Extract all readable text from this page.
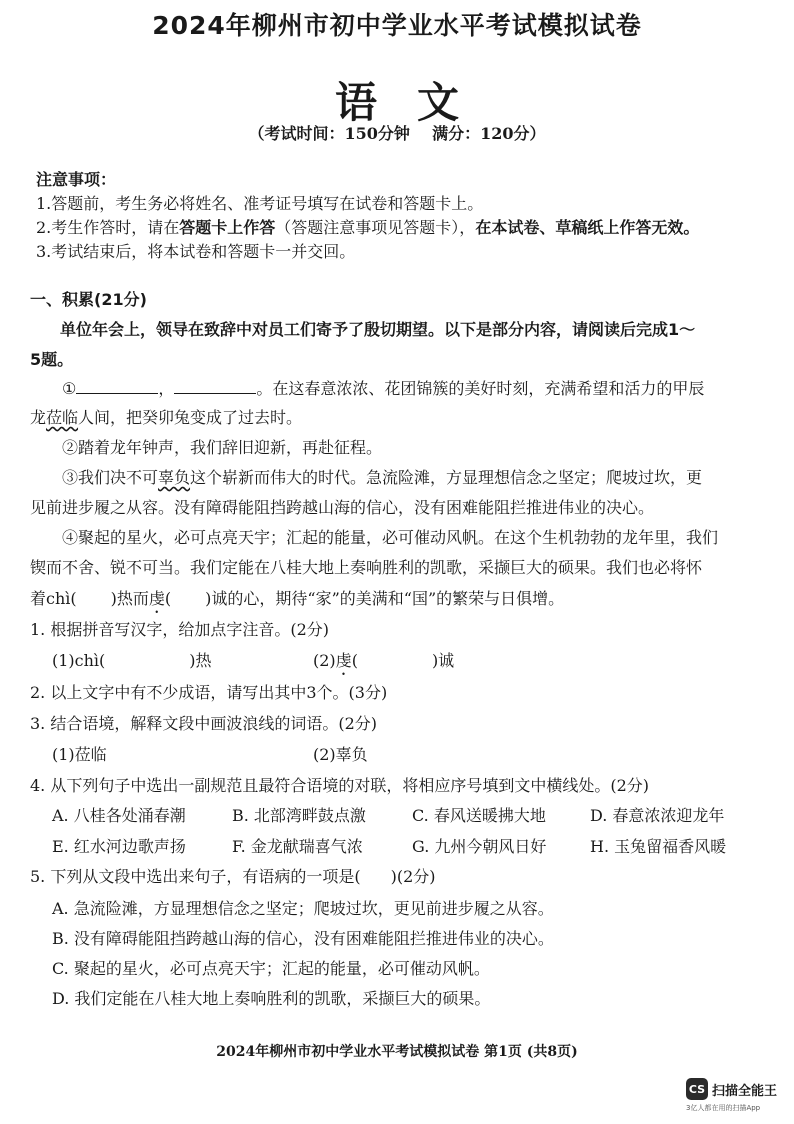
2024年柳州市初中学业水平考试模拟试卷
语文
（考试时间：150分钟    满分：120分）
注意事项：
1.答题前，考生务必将姓名、准考证号填写在试卷和答题卡上。
2.考生作答时，请在答题卡上作答（答题注意事项见答题卡），在本试卷、草稿纸上作答无效。
3.考试结束后，将本试卷和答题卡一并交回。
一、积累(21分)
单位年会上，领导在致辞中对员工们寄予了殷切期望。以下是部分内容，请阅读后完成1～
5题。
①	，	。在这春意浓浓、花团锦簇的美好时刻，充满希望和活力的甲辰
龙莅临人间，把癸卯兔变成了过去时。
②踏着龙年钟声，我们辞旧迎新，再赴征程。
③我们决不可辜负这个崭新而伟大的时代。急流险滩，方显理想信念之坚定；爬坡过坎，更
见前进步履之从容。没有障碍能阻挡跨越山海的信心，没有困难能阻拦推进伟业的决心。
④聚起的星火，必可点亮天宇；汇起的能量，必可催动风帆。在这个生机勃勃的龙年里，我们
锲而不舍、锐不可当。我们定能在八桂大地上奏响胜利的凯歌，采撷巨大的硕果。我们也必将怀
着chì( )热而虔( )诚的心，期待“家”的美满和“国”的繁荣与日俱增。
1. 根据拼音写汉字，给加点字注音。(2分)
(1)chì(	)热	(2)虔(	)诚
2. 以上文字中有不少成语，请写出其中3个。(3分)
3. 结合语境，解释文段中画波浪线的词语。(2分)
(1)莅临	(2)辜负
4. 从下列句子中选出一副规范且最符合语境的对联，将相应序号填到文中横线处。(2分)
A. 八桂各处涌春潮	B. 北部湾畔鼓点激	C. 春风送暖拂大地	D. 春意浓浓迎龙年
E. 红水河边歌声扬	F. 金龙献瑞喜气浓	G. 九州今朝风日好	H. 玉兔留福香风暖
5. 下列从文段中选出来句子，有语病的一项是( )(2分)
A. 急流险滩，方显理想信念之坚定；爬坡过坎，更见前进步履之从容。
B. 没有障碍能阻挡跨越山海的信心，没有困难能阻拦推进伟业的决心。
C. 聚起的星火，必可点亮天宇；汇起的能量，必可催动风帆。
D. 我们定能在八桂大地上奏响胜利的凯歌，采撷巨大的硕果。
2024年柳州市初中学业水平考试模拟试卷 第1页 (共8页)
CS 扫描全能王
3亿人都在用的扫描App
